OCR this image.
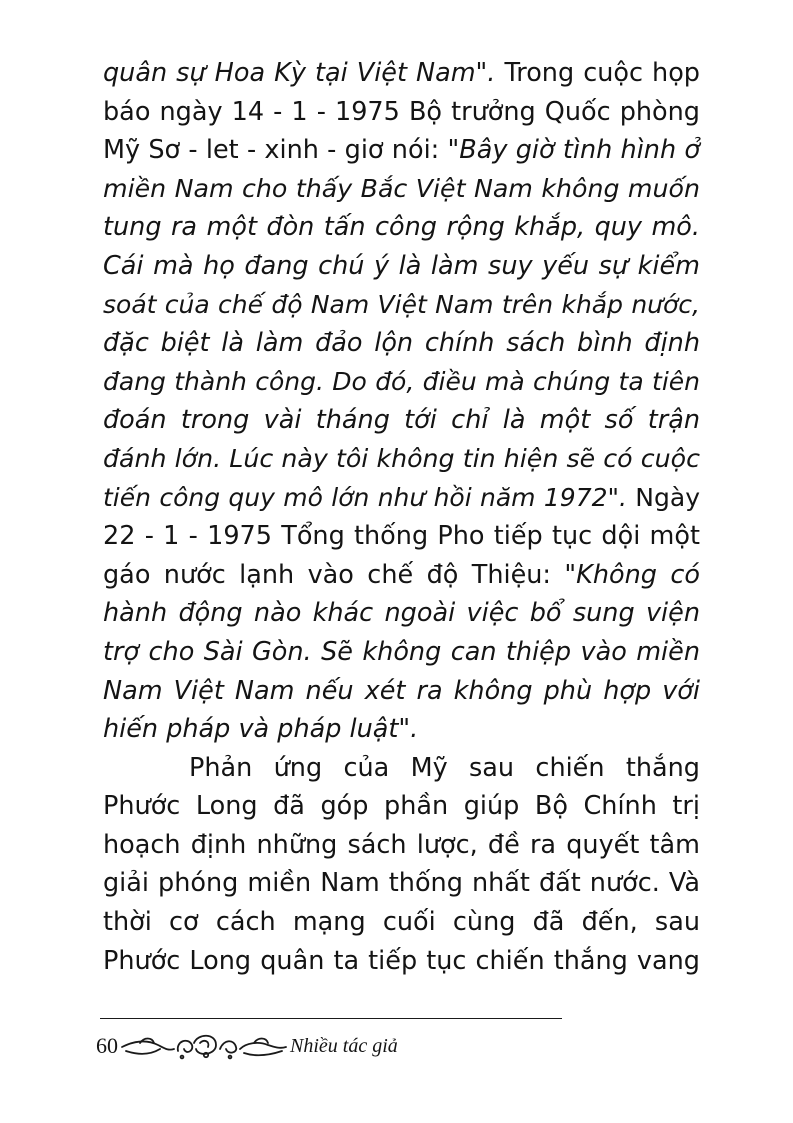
quân sự Hoa Kỳ tại Việt Nam". Trong cuộc họp
báo ngày 14 - 1 - 1975 Bộ trưởng Quốc phòng
Mỹ Sơ - let - xinh - giơ nói: "Bây giờ tình hình ở
miền Nam cho thấy Bắc Việt Nam không muốn
tung ra một đòn tấn công rộng khắp, quy mô.
Cái mà họ đang chú ý là làm suy yếu sự kiểm
soát của chế độ Nam Việt Nam trên khắp nước,
đặc biệt là làm đảo lộn chính sách bình định
đang thành công. Do đó, điều mà chúng ta tiên
đoán trong vài tháng tới chỉ là một số trận
đánh lớn. Lúc này tôi không tin hiện sẽ có cuộc
tiến công quy mô lớn như hồi năm 1972". Ngày
22 - 1 - 1975 Tổng thống Pho tiếp tục dội một
gáo nước lạnh vào chế độ Thiệu: "Không có
hành động nào khác ngoài việc bổ sung viện
trợ cho Sài Gòn. Sẽ không can thiệp vào miền
Nam Việt Nam nếu xét ra không phù hợp với
hiến pháp và pháp luật".
Phản ứng của Mỹ sau chiến thắng
Phước Long đã góp phần giúp Bộ Chính trị
hoạch định những sách lược, đề ra quyết tâm
giải phóng miền Nam thống nhất đất nước. Và
thời cơ cách mạng cuối cùng đã đến, sau
Phước Long quân ta tiếp tục chiến thắng vang
60	Nhiều tác giả
